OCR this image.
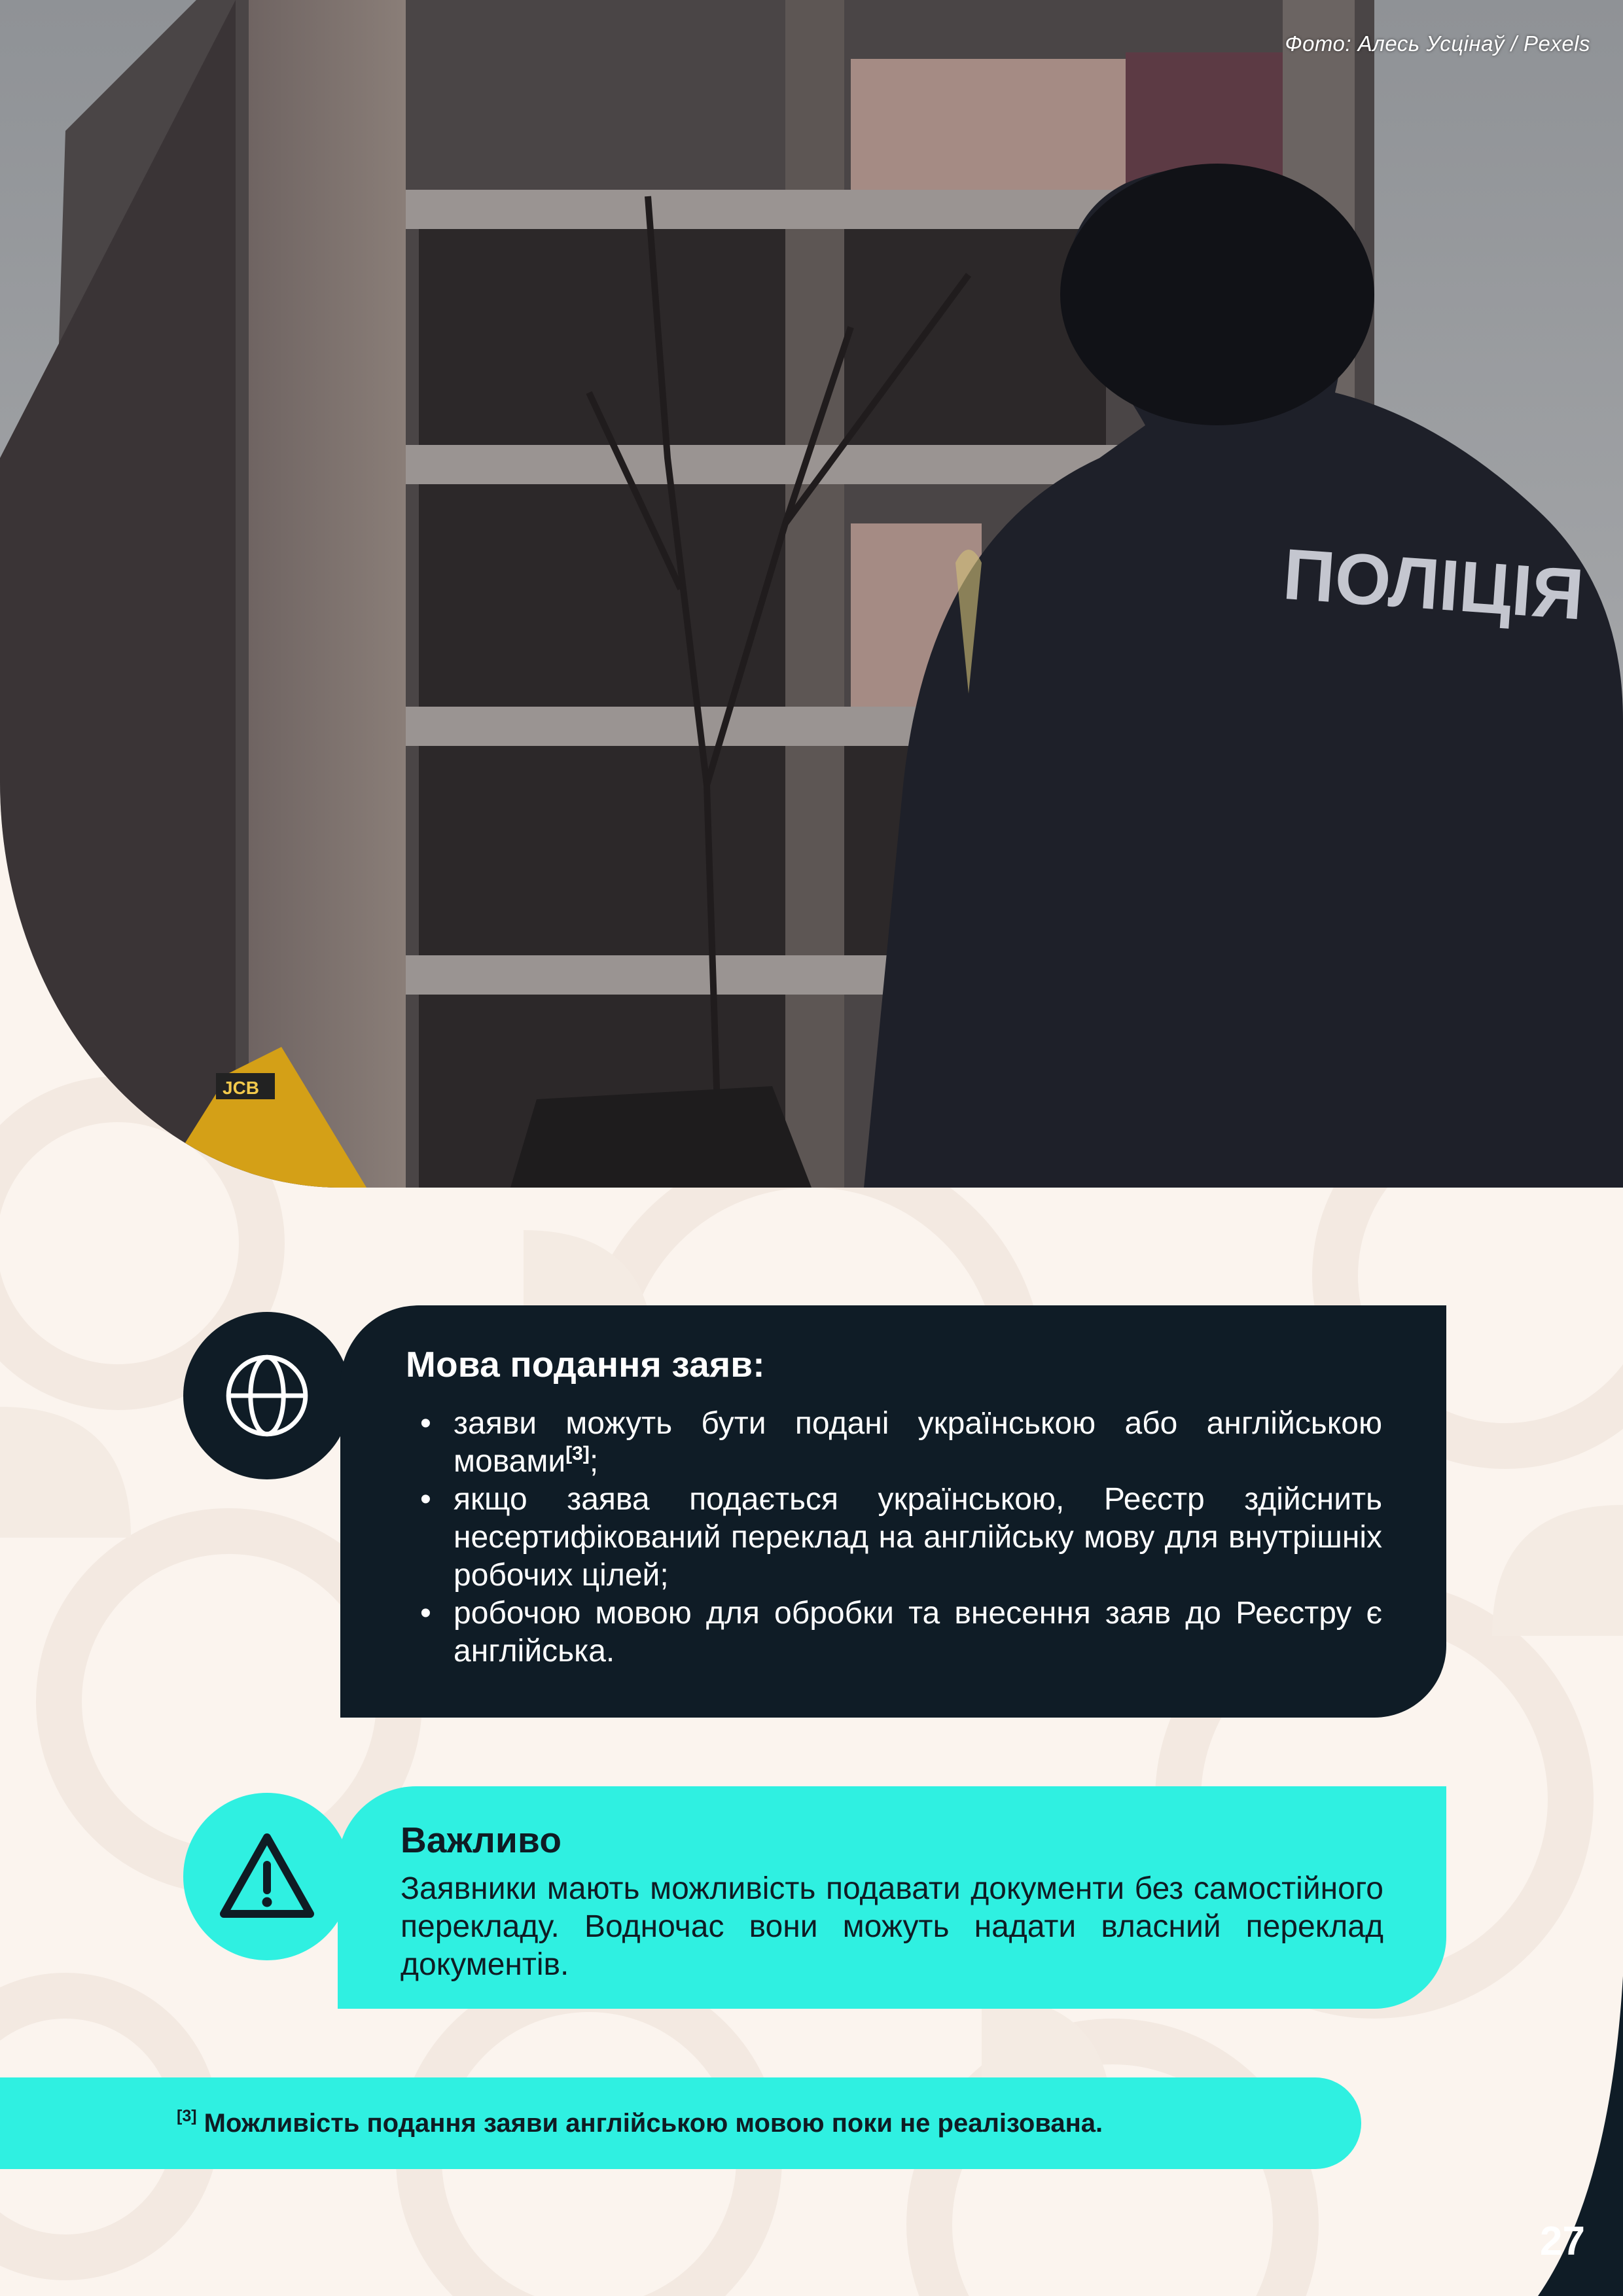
JCB
ПОЛІЦІЯ
Фото: Алесь Усцінаў / Pexels
27
Мова подання заяв:
• заяви можуть бути подані українською або англійською мовами[3];
• якщо заява подається українською, Реєстр здійснить несертифікований переклад на англійську мову для внутрішніх робочих цілей;
• робочою мовою для обробки та внесення заяв до Реєстру є англійська.
Важливо
Заявники мають можливість подавати документи без самостійного перекладу. Водночас вони можуть надати власний переклад документів.
[3] Можливість подання заяви англійською мовою поки не реалізована.
